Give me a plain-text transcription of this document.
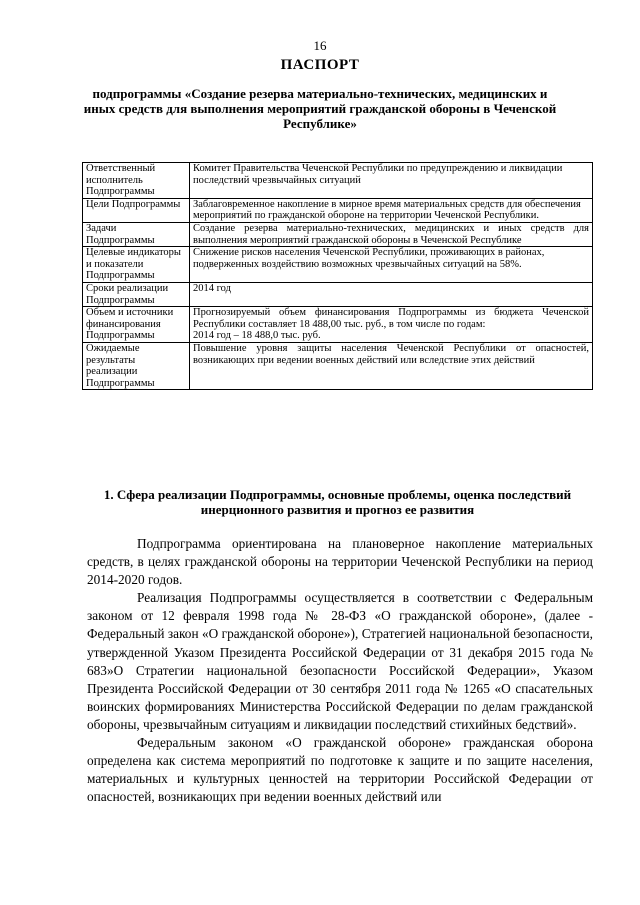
16
ПАСПОРТ
подпрограммы «Создание резерва материально-технических, медицинских и иных средств для выполнения мероприятий гражданской обороны в Чеченской Республике»
Ответственный исполнитель Подпрограммы	Комитет Правительства Чеченской Республики по предупреждению и ликвидации последствий чрезвычайных ситуаций

Цели Подпрограммы	Заблаговременное накопление в мирное время материальных средств для обеспечения мероприятий по гражданской обороне на территории Чеченской Республики.

Задачи Подпрограммы	Создание резерва материально-технических, медицинских и иных средств для выполнения мероприятий гражданской обороны в Чеченской Республике

Целевые индикаторы и показатели Подпрограммы	Снижение рисков населения Чеченской Республики, проживающих в районах, подверженных воздействию возможных чрезвычайных ситуаций на 58%.

Сроки реализации Подпрограммы	2014 год

Объем и источники финансирования Подпрограммы	Прогнозируемый объем финансирования Подпрограммы из бюджета Чеченской Республики составляет 18 488,00 тыс. руб., в том числе по годам:
2014 год – 18 488,0 тыс. руб.

Ожидаемые результаты реализации Подпрограммы	Повышение уровня защиты населения Чеченской Республики от опасностей, возникающих при ведении военных действий или вследствие этих действий
1. Сфера реализации Подпрограммы, основные проблемы, оценка последствий инерционного развития и прогноз ее развития

Подпрограмма ориентирована на плановерное накопление материальных средств, в целях гражданской обороны на территории Чеченской Республики на период 2014-2020 годов.

Реализация Подпрограммы осуществляется в соответствии с Федеральным законом от 12 февраля 1998 года № 28-ФЗ «О гражданской обороне», (далее - Федеральный закон «О гражданской обороне»), Стратегией национальной безопасности, утвержденной Указом Президента Российской Федерации от 31 декабря 2015 года № 683»О Стратегии национальной безопасности Российской Федерации», Указом Президента Российской Федерации от 30 сентября 2011 года № 1265 «О спасательных воинских формированиях Министерства Российской Федерации по делам гражданской обороны, чрезвычайным ситуациям и ликвидации последствий стихийных бедствий».

Федеральным законом «О гражданской обороне» гражданская оборона определена как система мероприятий по подготовке к защите и по защите населения, материальных и культурных ценностей на территории Российской Федерации от опасностей, возникающих при ведении военных действий или
